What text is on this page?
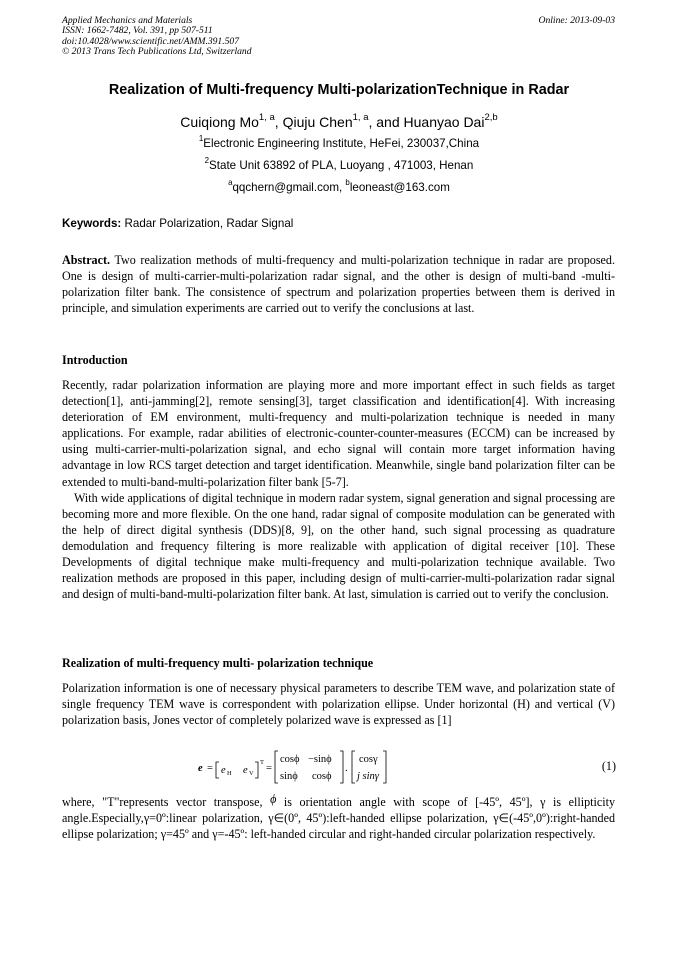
Applied Mechanics and Materials
ISSN: 1662-7482, Vol. 391, pp 507-511
doi:10.4028/www.scientific.net/AMM.391.507
© 2013 Trans Tech Publications Ltd, Switzerland
Online: 2013-09-03
Realization of Multi-frequency Multi-polarizationTechnique in Radar
Cuiqiong Mo$^{1, a}$, Qiuju Chen$^{1, a}$, and Huanyao Dai$^{2,b}$
$^1$Electronic Engineering Institute, HeFei, 230037,China
$^2$State Unit 63892 of PLA, Luoyang , 471003, Henan
$^a$qqchern@gmail.com, $^b$leoneast@163.com
Keywords: Radar Polarization, Radar Signal

Abstract. Two realization methods of multi-frequency and multi-polarization technique in radar are proposed. One is design of multi-carrier-multi-polarization radar signal, and the other is design of multi-band -multi-polarization filter bank. The consistence of spectrum and polarization properties between them is derived in principle, and simulation experiments are carried out to verify the conclusions at last.

Introduction

Recently, radar polarization information are playing more and more important effect in such fields as target detection[1], anti-jamming[2], remote sensing[3], target classification and identification[4]. With increasing deterioration of EM environment, multi-frequency and multi-polarization technique is needed in many applications. For example, radar abilities of electronic-counter-counter-measures (ECCM) can be increased by using multi-carrier-multi-polarization signal, and echo signal will contain more target information having advantage in low RCS target detection and target identification. Meanwhile, single band polarization filter can be extended to multi-band-multi-polarization filter bank [5-7].

With wide applications of digital technique in modern radar system, signal generation and signal processing are becoming more and more flexible. On the one hand, radar signal of composite modulation can be generated with the help of direct digital synthesis (DDS)[8, 9], on the other hand, such signal processing as quadrature demodulation and frequency filtering is more realizable with application of digital receiver [10]. These Developments of digital technique make multi-frequency and multi-polarization technique available. Two realization methods are proposed in this paper, including design of multi-carrier-multi-polarization radar signal and design of multi-band-multi-polarization filter bank. At last, simulation is carried out to verify the conclusion.

Realization of multi-frequency multi- polarization technique

Polarization information is one of necessary physical parameters to describe TEM wave, and polarization state of single frequency TEM wave is correspondent with polarization ellipse. Under horizontal (H) and vertical (V) polarization basis, Jones vector of completely polarized wave is expressed as [1]

e = e H e V
T
=
cosϕ −sinϕ
sinϕ cosϕ
.
cosγ
j sinγ
(1)

where, "T"represents vector transpose, ϕ is orientation angle with scope of [-45º, 45º], γ is ellipticity angle.Especially,γ=0º:linear polarization, γ∈(0º, 45º):left-handed ellipse polarization, γ∈(-45º,0º):right-handed ellipse polarization; γ=45º and γ=-45º: left-handed circular and right-handed circular polarization respectively.
